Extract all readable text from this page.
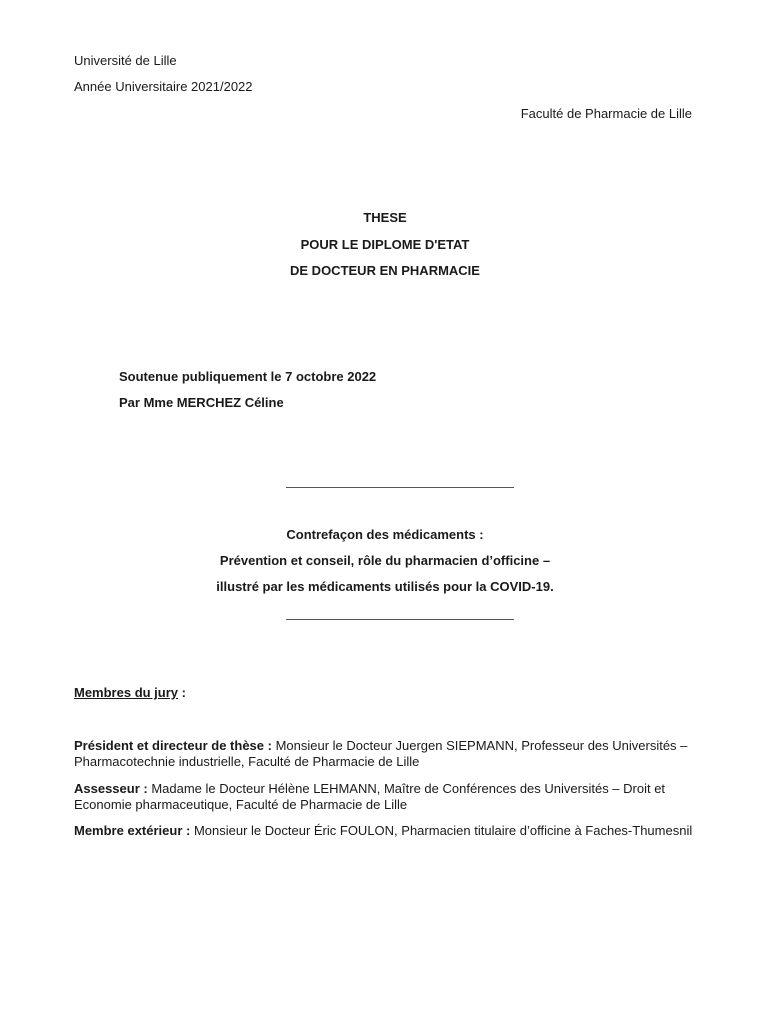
Université de Lille
Année Universitaire 2021/2022
Faculté de Pharmacie de Lille
THESE
POUR LE DIPLOME D'ETAT
DE DOCTEUR EN PHARMACIE
Soutenue publiquement le 7 octobre 2022
Par Mme MERCHEZ Céline
Contrefaçon des médicaments :
Prévention et conseil, rôle du pharmacien d’officine –
illustré par les médicaments utilisés pour la COVID-19.
Membres du jury :
Président et directeur de thèse : Monsieur le Docteur Juergen SIEPMANN, Professeur des Universités – Pharmacotechnie industrielle, Faculté de Pharmacie de Lille
Assesseur : Madame le Docteur Hélène LEHMANN, Maître de Conférences des Universités – Droit et Economie pharmaceutique, Faculté de Pharmacie de Lille
Membre extérieur : Monsieur le Docteur Éric FOULON, Pharmacien titulaire d’officine à Faches-Thumesnil
